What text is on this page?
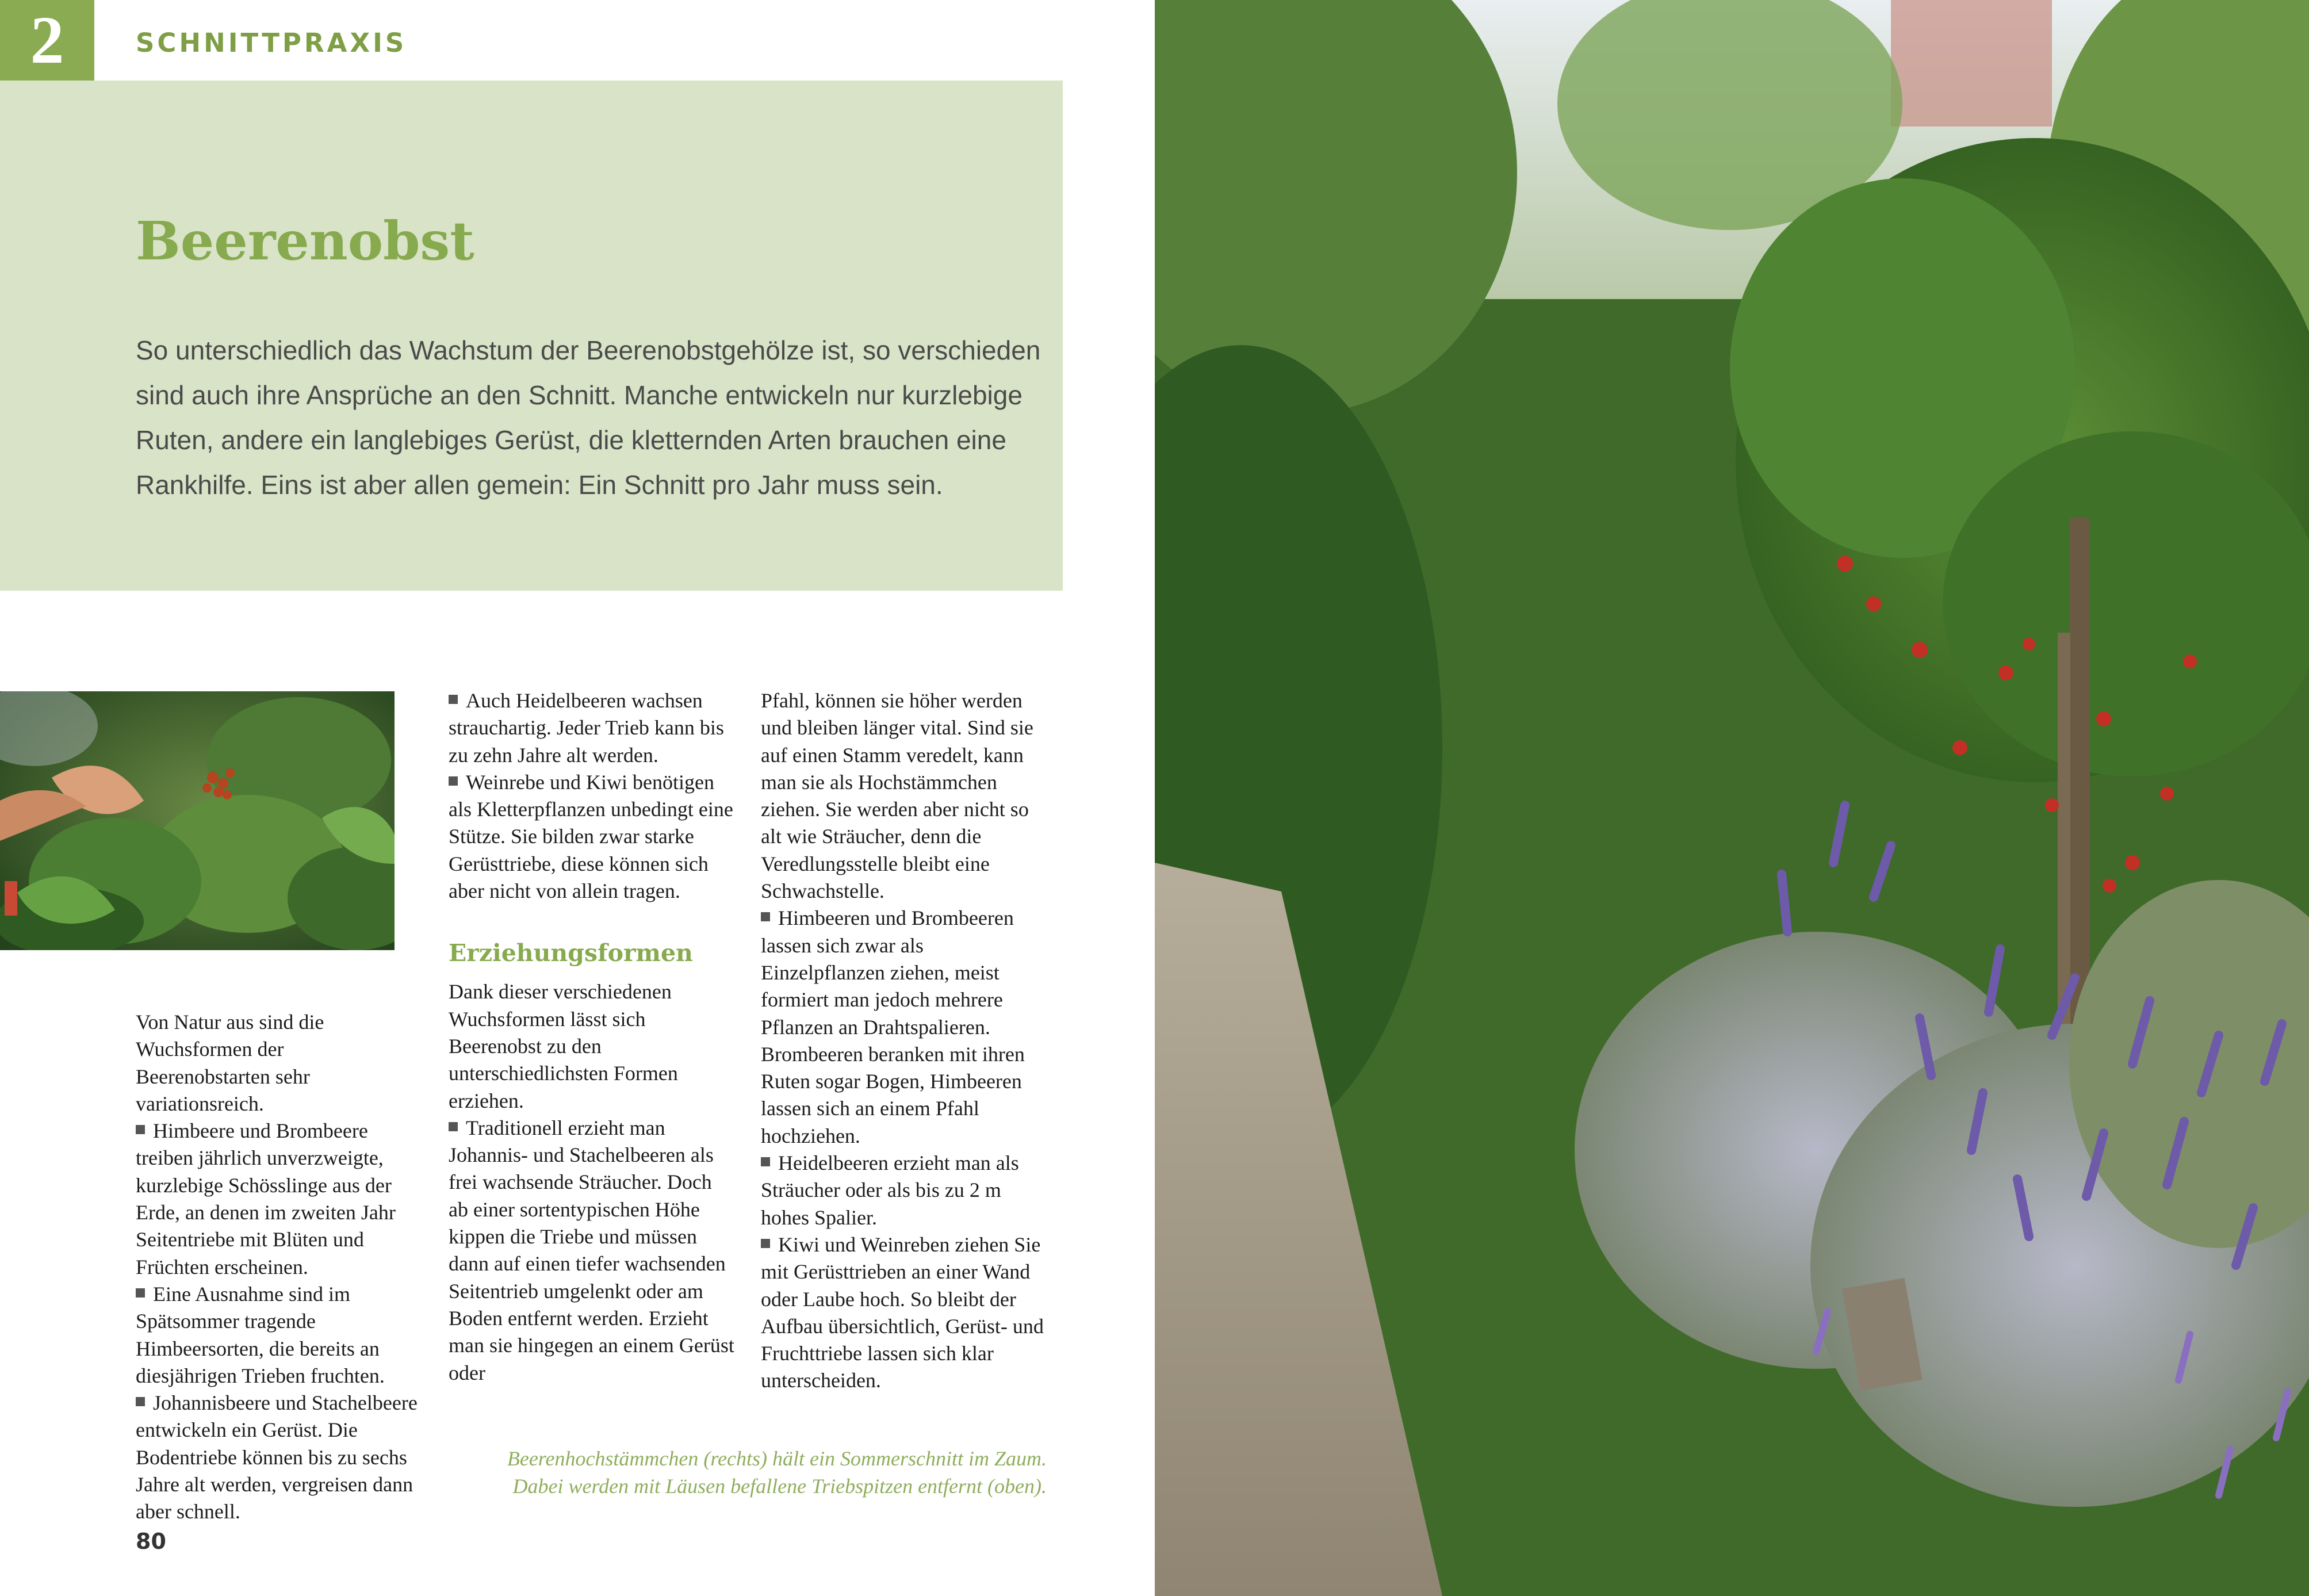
2	SCHNITTPRAXIS
Beerenobst

So unterschiedlich das Wachstum der Beerenobstgehölze ist, so verschieden sind auch ihre Ansprüche an den Schnitt. Manche entwickeln nur kurzlebige Ruten, andere ein langlebiges Gerüst, die kletternden Arten brauchen eine Rankhilfe. Eins ist aber allen gemein: Ein Schnitt pro Jahr muss sein.

Von Natur aus sind die Wuchsformen der Beerenobstarten sehr variationsreich.

Himbeere und Brombeere treiben jährlich unverzweigte, kurzlebige Schösslinge aus der Erde, an denen im zweiten Jahr Seitentriebe mit Blüten und Früchten erscheinen.

Eine Ausnahme sind im Spätsommer tragende Himbeersorten, die bereits an diesjährigen Trieben fruchten.

Johannisbeere und Stachelbeere entwickeln ein Gerüst. Die Bodentriebe können bis zu sechs Jahre alt werden, vergreisen dann aber schnell.

Auch Heidelbeeren wachsen strauchartig. Jeder Trieb kann bis zu zehn Jahre alt werden.

Weinrebe und Kiwi benötigen als Kletterpflanzen unbedingt eine Stütze. Sie bilden zwar starke Gerüsttriebe, diese können sich aber nicht von allein tragen.

Erziehungsformen

Dank dieser verschiedenen Wuchsformen lässt sich Beerenobst zu den unterschiedlichsten Formen erziehen.

Traditionell erzieht man Johannis- und Stachelbeeren als frei wachsende Sträucher. Doch ab einer sortentypischen Höhe kippen die Triebe und müssen dann auf einen tiefer wachsenden Seitentrieb umgelenkt oder am Boden entfernt werden. Erzieht man sie hingegen an einem Gerüst oder

Pfahl, können sie höher werden und bleiben länger vital. Sind sie auf einen Stamm veredelt, kann man sie als Hochstämmchen ziehen. Sie werden aber nicht so alt wie Sträucher, denn die Veredlungsstelle bleibt eine Schwachstelle.

Himbeeren und Brombeeren lassen sich zwar als Einzelpflanzen ziehen, meist formiert man jedoch mehrere Pflanzen an Drahtspalieren. Brombeeren beranken mit ihren Ruten sogar Bogen, Himbeeren lassen sich an einem Pfahl hochziehen.

Heidelbeeren erzieht man als Sträucher oder als bis zu 2 m hohes Spalier.

Kiwi und Weinreben ziehen Sie mit Gerüsttrieben an einer Wand oder Laube hoch. So bleibt der Aufbau übersichtlich, Gerüst- und Fruchttriebe lassen sich klar unterscheiden.

Beerenhochstämmchen (rechts) hält ein Sommerschnitt im Zaum.
Dabei werden mit Läusen befallene Triebspitzen entfernt (oben).

80
